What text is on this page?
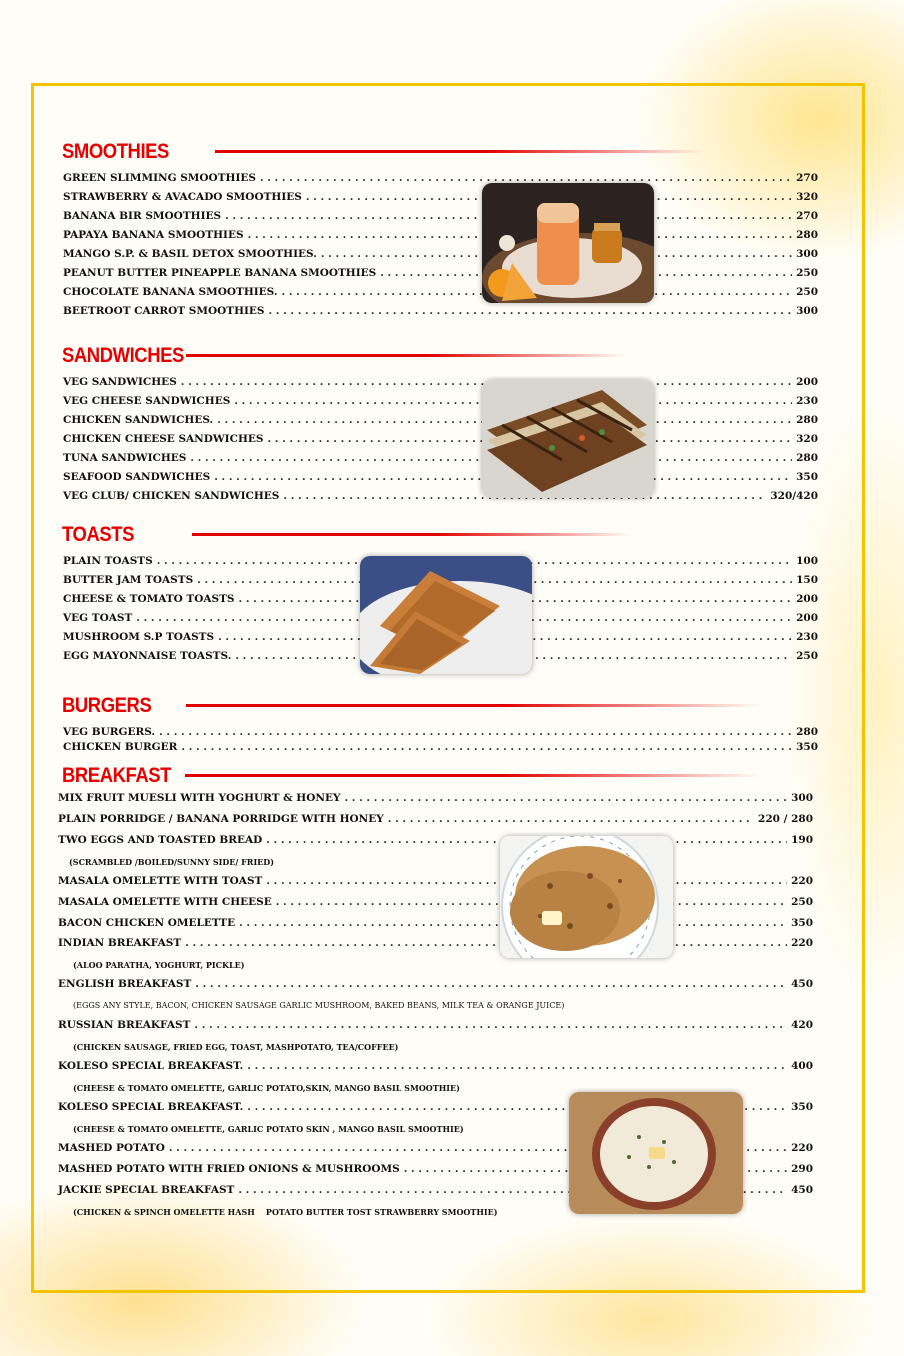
SMOOTHIES
GREEN SLIMMING SMOOTHIES . . .	270
STRAWBERRY & AVACADO SMOOTHIES . . .	320
BANANA BIR SMOOTHIES . . .	270
PAPAYA BANANA SMOOTHIES . . .	280
MANGO S.P. & BASIL DETOX SMOOTHIES. . . .	300
PEANUT BUTTER PINEAPPLE BANANA SMOOTHIES . . .	250
CHOCOLATE BANANA SMOOTHIES. . . .	250
BEETROOT CARROT SMOOTHIES . . .	300
SANDWICHES
VEG SANDWICHES . . .	200
VEG CHEESE SANDWICHES . . .	230
CHICKEN SANDWICHES. . . .	280
CHICKEN CHEESE SANDWICHES . . .	320
TUNA SANDWICHES . . .	280
SEAFOOD SANDWICHES . . .	350
VEG CLUB/ CHICKEN SANDWICHES . . .	320/420
TOASTS
PLAIN TOASTS . . .	100
BUTTER JAM TOASTS . . .	150
CHEESE & TOMATO TOASTS . . .	200
VEG TOAST . . .	200
MUSHROOM S.P TOASTS . . .	230
EGG MAYONNAISE TOASTS. . . .	250
BURGERS
VEG BURGERS. . . .	280
CHICKEN BURGER . . .	350
BREAKFAST
MIX FRUIT MUESLI WITH YOGHURT & HONEY . . .	300
PLAIN PORRIDGE / BANANA PORRIDGE WITH HONEY . . .	220 / 280
TWO EGGS AND TOASTED BREAD . . .	190
(SCRAMBLED /BOILED/SUNNY SIDE/ FRIED)
MASALA OMELETTE WITH TOAST . . .	220
MASALA OMELETTE WITH CHEESE . . .	250
BACON CHICKEN OMELETTE . . .	350
INDIAN BREAKFAST . . .	220
(ALOO PARATHA, YOGHURT, PICKLE)
ENGLISH BREAKFAST . . .	450
(EGGS ANY STYLE, BACON, CHICKEN SAUSAGE GARLIC MUSHROOM, BAKED BEANS, MILK TEA & ORANGE JUICE)
RUSSIAN BREAKFAST . . .	420
(CHICKEN SAUSAGE, FRIED EGG, TOAST, MASHPOTATO, TEA/COFFEE)
KOLESO SPECIAL BREAKFAST. . . .	400
(CHEESE & TOMATO OMELETTE, GARLIC POTATO,SKIN, MANGO BASIL SMOOTHIE)
KOLESO SPECIAL BREAKFAST. . . .	350
(CHEESE & TOMATO OMELETTE, GARLIC POTATO SKIN , MANGO BASIL SMOOTHIE)
MASHED POTATO . . .	220
MASHED POTATO WITH FRIED ONIONS & MUSHROOMS . . .	290
JACKIE SPECIAL BREAKFAST . . .	450
(CHICKEN & SPINCH OMELETTE HASH    POTATO BUTTER TOST STRAWBERRY SMOOTHIE)
